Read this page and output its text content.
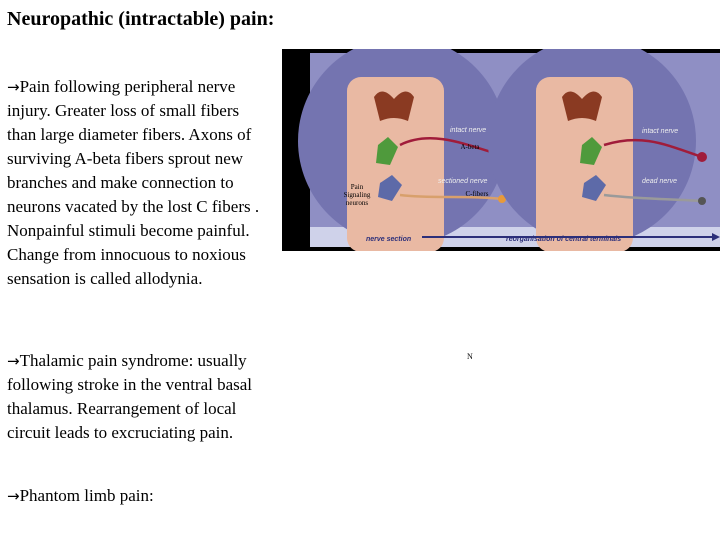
Neuropathic (intractable) pain:
→Pain following peripheral nerve injury. Greater loss of small fibers than large diameter fibers. Axons of surviving A-beta fibers sprout new branches and make connection to neurons vacated by the lost C fibers . Nonpainful stimuli become painful. Change from innocuous to noxious sensation is called allodynia.
→Thalamic pain syndrome: usually following stroke in the ventral basal thalamus. Rearrangement of local circuit leads to excruciating pain.
→Phantom limb pain:
intact nerve
sectioned nerve
intact nerve
dead nerve
nerve section	reorganisation of central terminals
A-beta
Pain Signaling neurons
C-fibers
N
